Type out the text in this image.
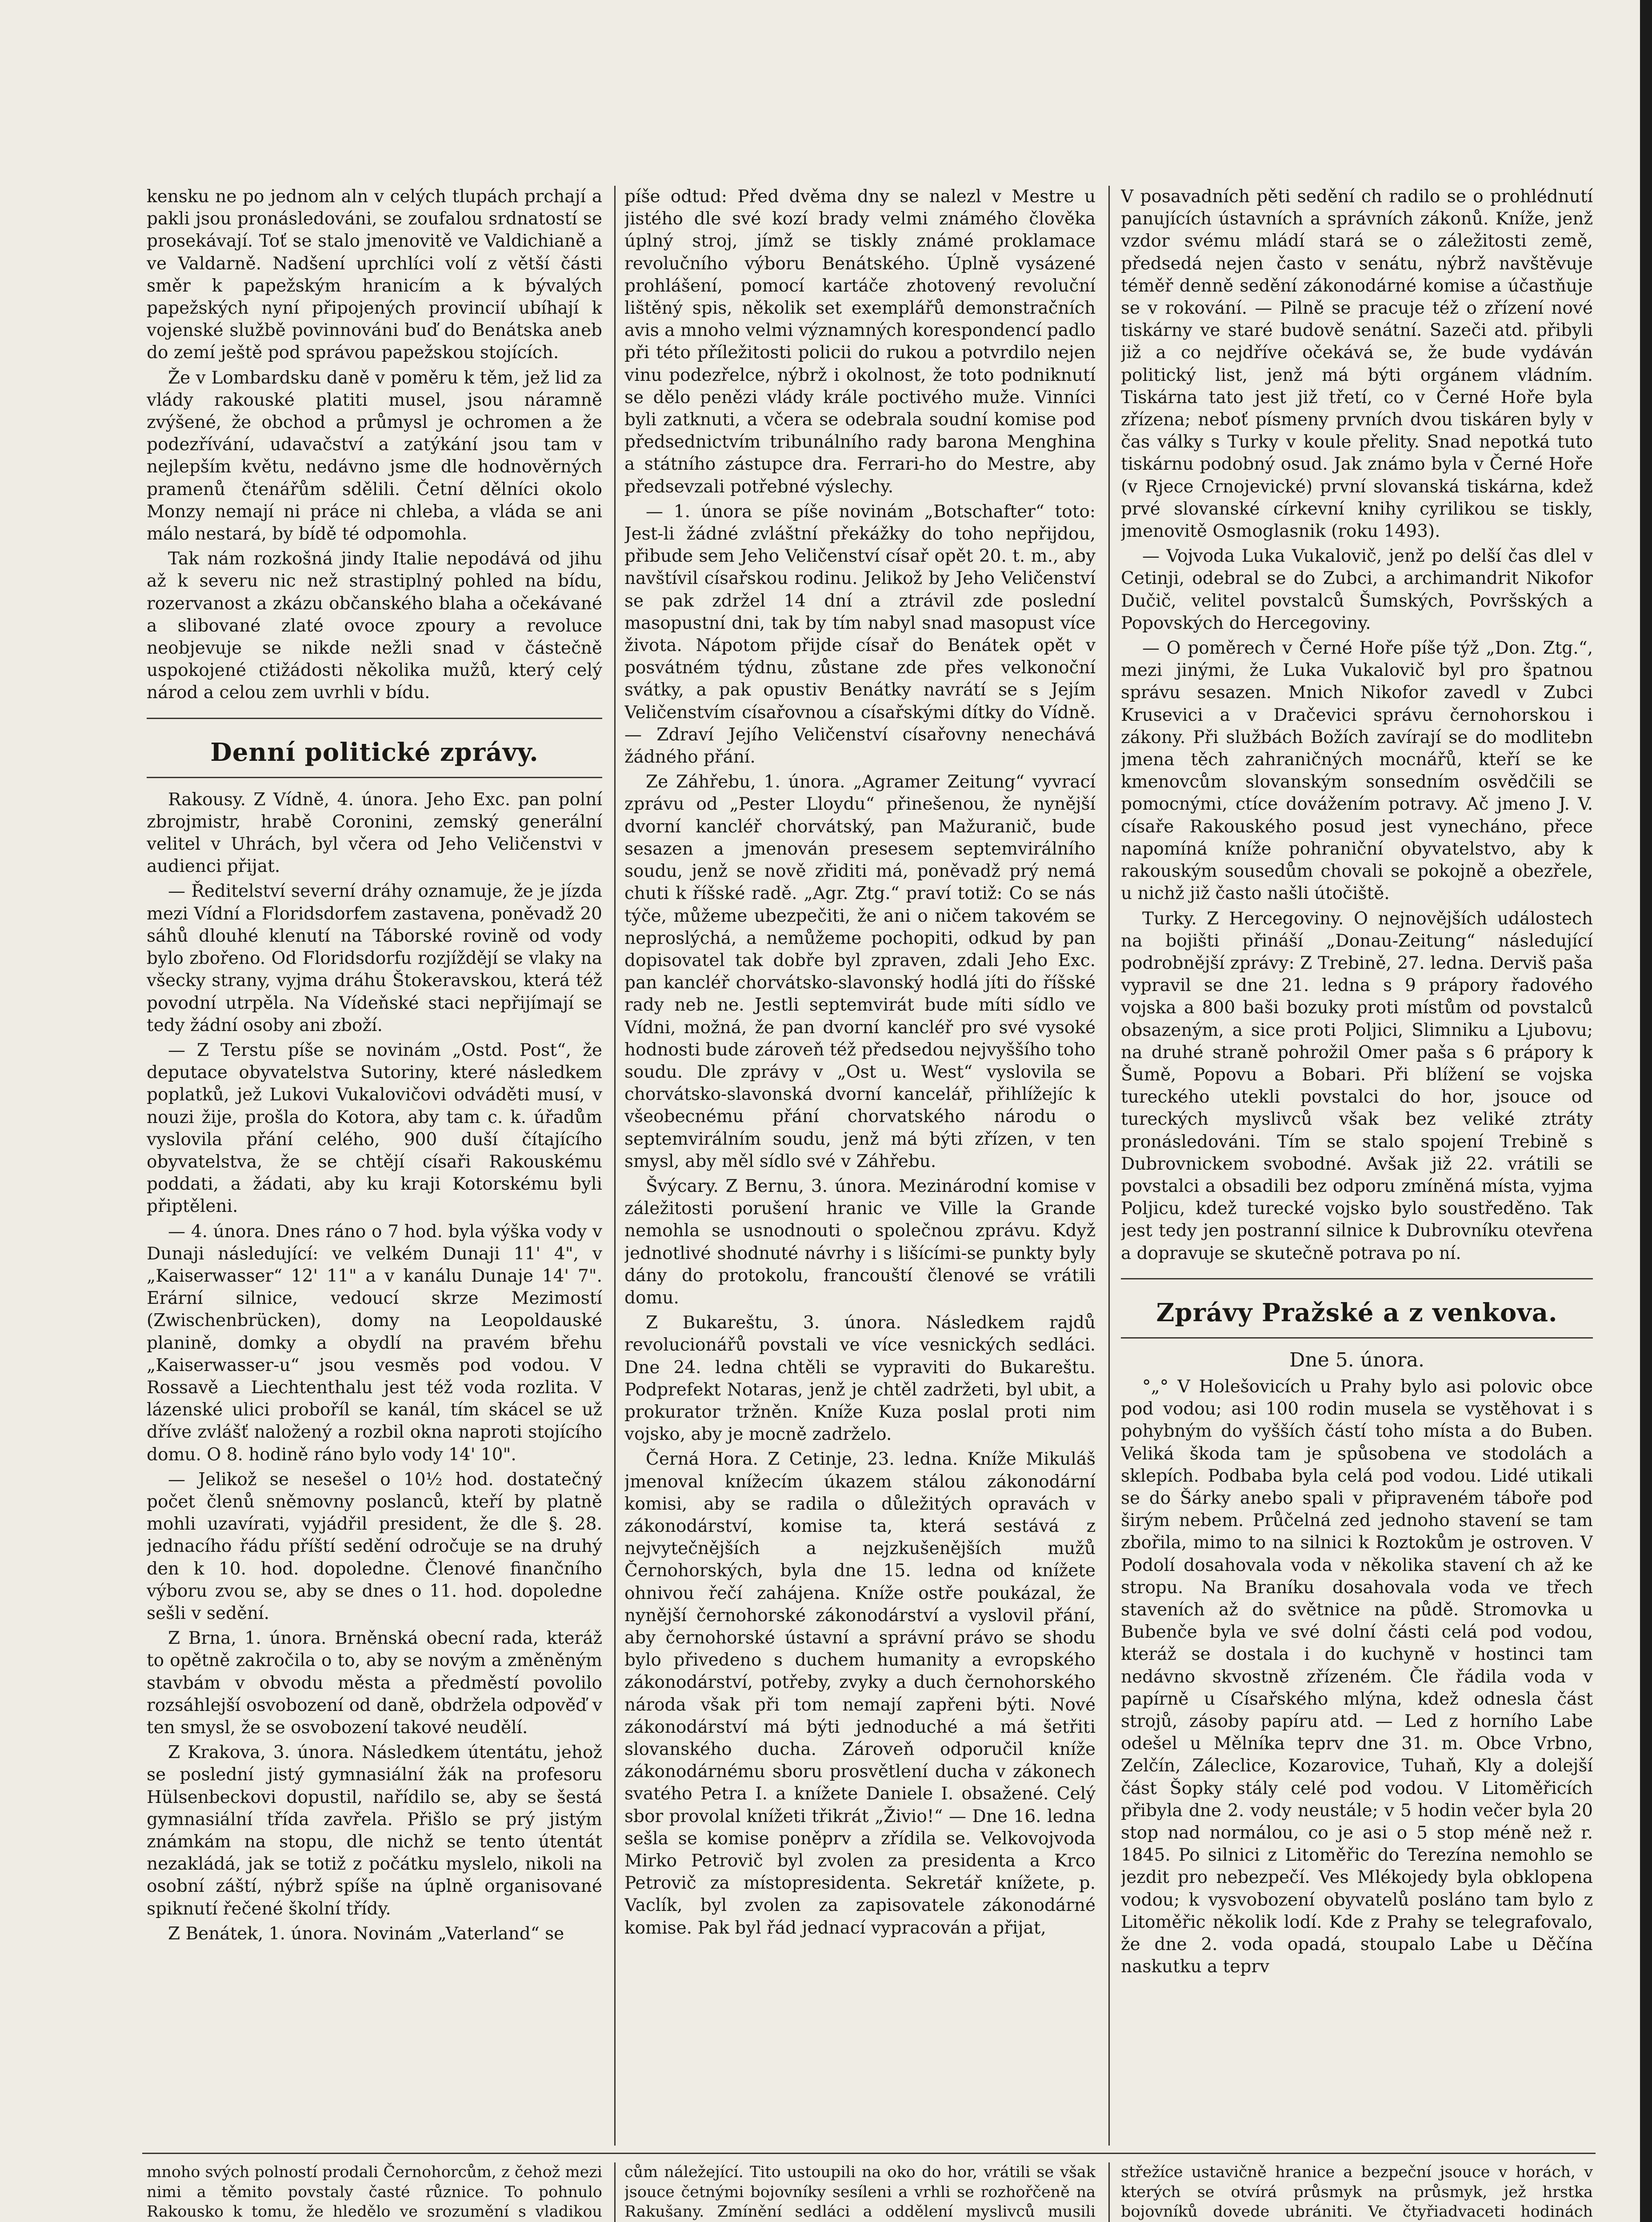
kensku ne po jednom aln v celých tlupách prchají a pakli jsou pronásledováni, se zoufalou srdnatostí se prosekávají. Toť se stalo jmenovitě ve Valdichianě a ve Valdarně. Nadšení uprchlíci volí z větší části směr k papežským hranicím a k bývalých papežských nyní připojených provincií ubíhají k vojenské službě povinnováni buď do Benátska aneb do zemí ještě pod správou papežskou stojících.

Že v Lombardsku daně v poměru k těm, jež lid za vlády rakouské platiti musel, jsou náramně zvýšené, že obchod a průmysl je ochromen a že podezřívání, udavačství a zatýkání jsou tam v nejlepším květu, nedávno jsme dle hodnověrných pramenů čtenářům sdělili. Četní dělníci okolo Monzy nemají ni práce ni chleba, a vláda se ani málo nestará, by bídě té odpomohla.

Tak nám rozkošná jindy Italie nepodává od jihu až k severu nic než strastiplný pohled na bídu, rozervanost a zkázu občanského blaha a očekávané a slibované zlaté ovoce zpoury a revoluce neobjevuje se nikde nežli snad v částečně uspokojené ctižádosti několika mužů, který celý národ a celou zem uvrhli v bídu.

Denní politické zprávy.

Rakousy. Z Vídně, 4. února. Jeho Exc. pan polní zbrojmistr, hrabě Coronini, zemský generální velitel v Uhrách, byl včera od Jeho Veličenstvi v audienci přijat.

— Ředitelství severní dráhy oznamuje, že je jízda mezi Vídní a Floridsdorfem zastavena, poněvadž 20 sáhů dlouhé klenutí na Táborské rovině od vody bylo zbořeno. Od Floridsdorfu rozjíždějí se vlaky na všecky strany, vyjma dráhu Štokeravskou, která též povodní utrpěla. Na Vídeňské staci nepřijímají se tedy žádní osoby ani zboží.

— Z Terstu píše se novinám „Ostd. Post“, že deputace obyvatelstva Sutoriny, které následkem poplatků, jež Lukovi Vukalovičovi odváděti musí, v nouzi žije, prošla do Kotora, aby tam c. k. úřadům vyslovila přání celého, 900 duší čítajícího obyvatelstva, že se chtějí císaři Rakouskému poddati, a žádati, aby ku kraji Kotorskému byli připtěleni.

— 4. února. Dnes ráno o 7 hod. byla výška vody v Dunaji následující: ve velkém Dunaji 11' 4", v „Kaiserwasser“ 12' 11" a v kanálu Dunaje 14' 7". Erární silnice, vedoucí skrze Mezimostí (Zwischenbrücken), domy na Leopoldauské planině, domky a obydlí na pravém břehu „Kaiserwasser-u“ jsou vesměs pod vodou. V Rossavě a Liechtenthalu jest též voda rozlita. V lázenské ulici proboříl se kanál, tím skácel se už dříve zvlášť naložený a rozbil okna naproti stojícího domu. O 8. hodině ráno bylo vody 14' 10".

— Jelikož se nesešel o 10½ hod. dostatečný počet členů sněmovny poslanců, kteří by platně mohli uzavírati, vyjádřil president, že dle §. 28. jednacího řádu příští sedění odročuje se na druhý den k 10. hod. dopoledne. Členové finančního výboru zvou se, aby se dnes o 11. hod. dopoledne sešli v sedění.

Z Brna, 1. února. Brněnská obecní rada, kteráž to opětně zakročila o to, aby se novým a změněným stavbám v obvodu města a předměstí povolilo rozsáhlejší osvobození od daně, obdržela odpověď v ten smysl, že se osvobození takové neudělí.

Z Krakova, 3. února. Následkem útentátu, jehož se poslední jistý gymnasiální žák na profesoru Hülsenbeckovi dopustil, nařídilo se, aby se šestá gymnasiální třída zavřela. Přišlo se prý jistým známkám na stopu, dle nichž se tento útentát nezakládá, jak se totiž z počátku myslelo, nikoli na osobní záští, nýbrž spíše na úplně organisované spiknutí řečené školní třídy.

Z Benátek, 1. února. Novinám „Vaterland“ se

píše odtud: Před dvěma dny se nalezl v Mestre u jistého dle své kozí brady velmi známého člověka úplný stroj, jímž se tiskly známé proklamace revolučního výboru Benátského. Úplně vysázené prohlášení, pomocí kartáče zhotovený revoluční lištěný spis, několik set exemplářů demonstračních avis a mnoho velmi významných korespondencí padlo při této příležitosti policii do rukou a potvrdilo nejen vinu podezřelce, nýbrž i okolnost, že toto podniknutí se dělo penězi vlády krále poctivého muže. Vinníci byli zatknuti, a včera se odebrala soudní komise pod předsednictvím tribunálního rady barona Menghina a státního zástupce dra. Ferrari-ho do Mestre, aby předsevzali potřebné výslechy.

— 1. února se píše novinám „Botschafter“ toto: Jest-li žádné zvláštní překážky do toho nepřijdou, přibude sem Jeho Veličenství císař opět 20. t. m., aby navštívil císařskou rodinu. Jelikož by Jeho Veličenství se pak zdržel 14 dní a ztrávil zde poslední masopustní dni, tak by tím nabyl snad masopust více života. Nápotom přijde císař do Benátek opět v posvátném týdnu, zůstane zde přes velkonoční svátky, a pak opustiv Benátky navrátí se s Jejím Veličenstvím císařovnou a císařskými dítky do Vídně. — Zdraví Jejího Veličenství císařovny nenechává žádného přání.

Ze Záhřebu, 1. února. „Agramer Zeitung“ vyvrací zprávu od „Pester Lloydu“ přinešenou, že nynější dvorní kancléř chorvátský, pan Mažuranič, bude sesazen a jmenován presesem septemvirálního soudu, jenž se nově zřiditi má, poněvadž prý nemá chuti k říšské radě. „Agr. Ztg.“ praví totiž: Co se nás týče, můžeme ubezpečiti, že ani o ničem takovém se neproslýchá, a nemůžeme pochopiti, odkud by pan dopisovatel tak dobře byl zpraven, zdali Jeho Exc. pan kancléř chorvátsko-slavonský hodlá jíti do říšské rady neb ne. Jestli septemvirát bude míti sídlo ve Vídni, možná, že pan dvorní kancléř pro své vysoké hodnosti bude zároveň též předsedou nejvyššího toho soudu. Dle zprávy v „Ost u. West“ vyslovila se chorvátsko-slavonská dvorní kancelář, přihlížejíc k všeobecnému přání chorvatského národu o septemvirálním soudu, jenž má býti zřízen, v ten smysl, aby měl sídlo své v Záhřebu.

Švýcary. Z Bernu, 3. února. Mezinárodní komise v záležitosti porušení hranic ve Ville la Grande nemohla se usnodnouti o společnou zprávu. Když jednotlivé shodnuté návrhy i s lišícími-se punkty byly dány do protokolu, francouští členové se vrátili domu.

Z Bukareštu, 3. února. Následkem rajdů revolucionářů povstali ve více vesnických sedláci. Dne 24. ledna chtěli se vypraviti do Bukareštu. Podprefekt Notaras, jenž je chtěl zadržeti, byl ubit, a prokurator tržněn. Kníže Kuza poslal proti nim vojsko, aby je mocně zadrželo.

Černá Hora. Z Cetinje, 23. ledna. Kníže Mikuláš jmenoval knížecím úkazem stálou zákonodární komisi, aby se radila o důležitých opravách v zákonodárství, komise ta, která sestává z nejvytečnějších a nejzkušenějších mužů Černohorských, byla dne 15. ledna od knížete ohnivou řečí zahájena. Kníže ostře poukázal, že nynější černohorské zákonodárství a vyslovil přání, aby černohorské ústavní a správní právo se shodu bylo přivedeno s duchem humanity a evropského zákonodárství, potřeby, zvyky a duch černohorského národa však při tom nemají zapřeni býti. Nové zákonodárství má býti jednoduché a má šetřiti slovanského ducha. Zároveň odporučil kníže zákonodárnému sboru prosvětlení ducha v zákonech svatého Petra I. a knížete Daniele I. obsažené. Celý sbor provolal knížeti třikrát „Živio!“ — Dne 16. ledna sešla se komise poněprv a zřídila se. Velkovojvoda Mirko Petrovič byl zvolen za presidenta a Krco Petrovič za místopresidenta. Sekretář knížete, p. Vaclík, byl zvolen za zapisovatele zákonodárné komise. Pak byl řád jednací vypracován a přijat,

V posavadních pěti sedění ch radilo se o prohlédnutí panujících ústavních a správních zákonů. Kníže, jenž vzdor svému mládí stará se o záležitosti země, předsedá nejen často v senátu, nýbrž navštěvuje téměř denně sedění zákonodárné komise a účastňuje se v rokování. — Pilně se pracuje též o zřízení nové tiskárny ve staré budově senátní. Sazeči atd. přibyli již a co nejdříve očekává se, že bude vydáván politický list, jenž má býti orgánem vládním. Tiskárna tato jest již třetí, co v Černé Hoře byla zřízena; neboť písmeny prvních dvou tiskáren byly v čas války s Turky v koule přelity. Snad nepotká tuto tiskárnu podobný osud. Jak známo byla v Černé Hoře (v Rjece Crnojevické) první slovanská tiskárna, kdež prvé slovanské církevní knihy cyrilikou se tiskly, jmenovitě Osmoglasnik (roku 1493).

— Vojvoda Luka Vukalovič, jenž po delší čas dlel v Cetinji, odebral se do Zubci, a archimandrit Nikofor Dučič, velitel povstalců Šumských, Površských a Popovských do Hercegoviny.

— O poměrech v Černé Hoře píše týž „Don. Ztg.“, mezi jinými, že Luka Vukalovič byl pro špatnou správu sesazen. Mnich Nikofor zavedl v Zubci Krusevici a v Dračevici správu černohorskou i zákony. Při službách Božích zavírají se do modlitebn jmena těch zahraničných mocnářů, kteří se ke kmenovcům slovanským sonsedním osvědčili se pomocnými, ctíce dovážením potravy. Ač jmeno J. V. císaře Rakouského posud jest vynecháno, přece napomíná kníže pohraniční obyvatelstvo, aby k rakouským sousedům chovali se pokojně a obezřele, u nichž již často našli útočiště.

Turky. Z Hercegoviny. O nejnovějších událostech na bojišti přináší „Donau-Zeitung“ následující podrobnější zprávy: Z Trebině, 27. ledna. Derviš paša vypravil se dne 21. ledna s 9 prápory řadového vojska a 800 baši bozuky proti místům od povstalců obsazeným, a sice proti Poljici, Slimniku a Ljubovu; na druhé straně pohrožil Omer paša s 6 prápory k Šumě, Popovu a Bobari. Při blížení se vojska tureckého utekli povstalci do hor, jsouce od tureckých myslivců však bez veliké ztráty pronásledováni. Tím se stalo spojení Trebině s Dubrovnickem svobodné. Avšak již 22. vrátili se povstalci a obsadili bez odporu zmíněná místa, vyjma Poljicu, kdež turecké vojsko bylo soustředěno. Tak jest tedy jen postranní silnice k Dubrovníku otevřena a dopravuje se skutečně potrava po ní.

Zprávy Pražské a z venkova.
Dne 5. února.

°„° V Holešovicích u Prahy bylo asi polovic obce pod vodou; asi 100 rodin musela se vystěhovat i s pohybným do vyšších částí toho místa a do Buben. Veliká škoda tam je spůsobena ve stodolách a sklepích. Podbaba byla celá pod vodou. Lidé utikali se do Šárky anebo spali v připraveném táboře pod širým nebem. Průčelná zed jednoho stavení se tam zbořila, mimo to na silnici k Roztokům je ostroven. V Podolí dosahovala voda v několika stavení ch až ke stropu. Na Braníku dosahovala voda ve třech staveních až do světnice na půdě. Stromovka u Bubenče byla ve své dolní části celá pod vodou, kteráž se dostala i do kuchyně v hostinci tam nedávno skvostně zřízeném. Čle řádila voda v papírně u Císařského mlýna, kdež odnesla část strojů, zásoby papíru atd. — Led z horního Labe odešel u Mělníka teprv dne 31. m. Obce Vrbno, Zelčín, Záleclice, Kozarovice, Tuhaň, Kly a dolejší část Šopky stály celé pod vodou. V Litoměřicích přibyla dne 2. vody neustále; v 5 hodin večer byla 20 stop nad normálou, co je asi o 5 stop méně než r. 1845. Po silnici z Litoměřic do Terezína nemohlo se jezdit pro nebezpečí. Ves Mlékojedy byla obklopena vodou; k vysvobození obyvatelů posláno tam bylo z Litoměřic několik lodí. Kde z Prahy se telegrafovalo, že dne 2. voda opadá, stoupalo Labe u Děčína naskutku a teprv

mnoho svých polností prodali Černohorcům, z čehož mezi nimi a těmito povstaly časté různice. To pohnulo Rakousko k tomu, že hledělo ve srozumění s vladikou

cům náležející. Tito ustoupili na oko do hor, vrátili se však jsouce četnými bojovníky sesíleni a vrhli se rozhořčeně na Rakušany. Zmínění sedláci a oddělení myslivců musili

střežíce ustavičně hranice a bezpeční jsouce v horách, v kterých se otvírá průsmyk na průsmyk, jež hrstka bojovníků dovede ubrániti. Ve čtyřiadvaceti hodinách
